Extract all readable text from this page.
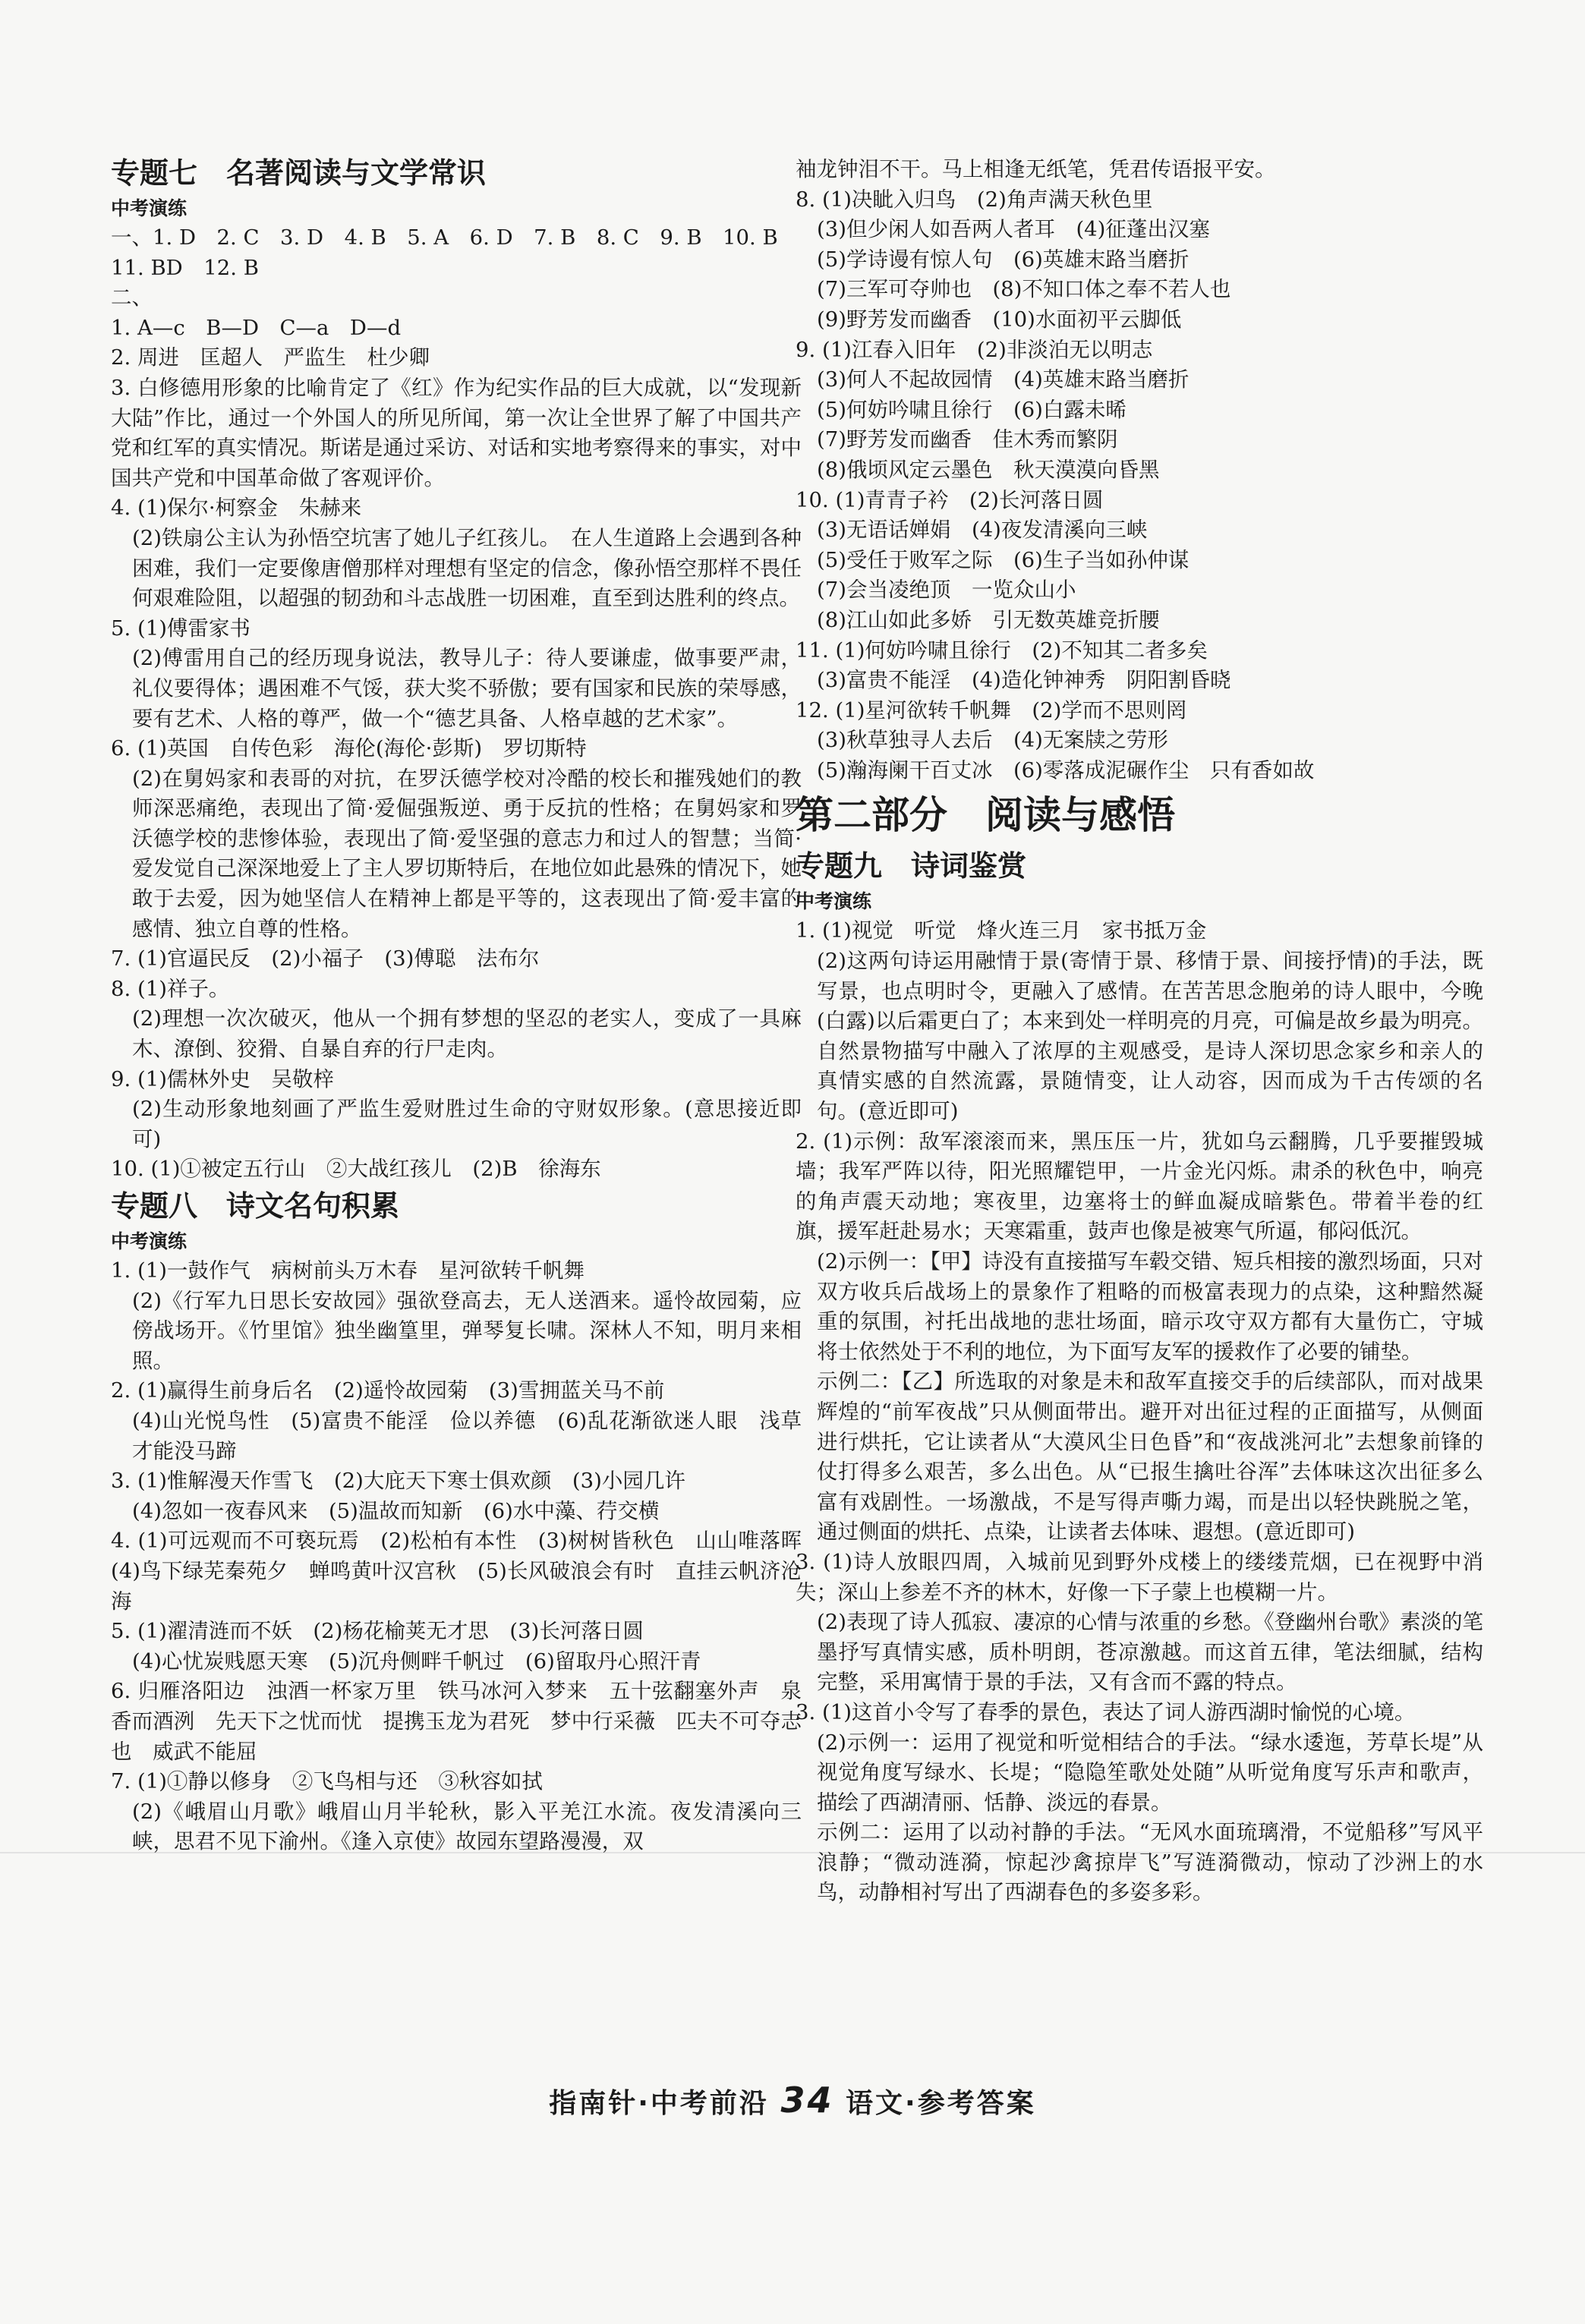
专题七　名著阅读与文学常识

中考演练

一、1. D　2. C　3. D　4. B　5. A　6. D　7. B　8. C　9. B　10. B

11. BD　12. B

二、

1. A—c　B—D　C—a　D—d

2. 周进　匡超人　严监生　杜少卿

3. 白修德用形象的比喻肯定了《红》作为纪实作品的巨大成就，以“发现新大陆”作比，通过一个外国人的所见所闻，第一次让全世界了解了中国共产党和红军的真实情况。斯诺是通过采访、对话和实地考察得来的事实，对中国共产党和中国革命做了客观评价。

4. (1)保尔·柯察金　朱赫来

(2)铁扇公主认为孙悟空坑害了她儿子红孩儿。　在人生道路上会遇到各种困难，我们一定要像唐僧那样对理想有坚定的信念，像孙悟空那样不畏任何艰难险阻，以超强的韧劲和斗志战胜一切困难，直至到达胜利的终点。

5. (1)傅雷家书

(2)傅雷用自己的经历现身说法，教导儿子：待人要谦虚，做事要严肃，礼仪要得体；遇困难不气馁，获大奖不骄傲；要有国家和民族的荣辱感，要有艺术、人格的尊严，做一个“德艺具备、人格卓越的艺术家”。

6. (1)英国　自传色彩　海伦(海伦·彭斯)　罗切斯特

(2)在舅妈家和表哥的对抗，在罗沃德学校对冷酷的校长和摧残她们的教师深恶痛绝，表现出了简·爱倔强叛逆、勇于反抗的性格；在舅妈家和罗沃德学校的悲惨体验，表现出了简·爱坚强的意志力和过人的智慧；当简·爱发觉自己深深地爱上了主人罗切斯特后，在地位如此悬殊的情况下，她敢于去爱，因为她坚信人在精神上都是平等的，这表现出了简·爱丰富的感情、独立自尊的性格。

7. (1)官逼民反　(2)小福子　(3)傅聪　法布尔

8. (1)祥子。

(2)理想一次次破灭，他从一个拥有梦想的坚忍的老实人，变成了一具麻木、潦倒、狡猾、自暴自弃的行尸走肉。

9. (1)儒林外史　吴敬梓

(2)生动形象地刻画了严监生爱财胜过生命的守财奴形象。(意思接近即可)

10. (1)①被定五行山　②大战红孩儿　(2)B　徐海东

专题八　诗文名句积累

中考演练

1. (1)一鼓作气　病树前头万木春　星河欲转千帆舞

(2)《行军九日思长安故园》强欲登高去，无人送酒来。遥怜故园菊，应傍战场开。《竹里馆》独坐幽篁里，弹琴复长啸。深林人不知，明月来相照。

2. (1)赢得生前身后名　(2)遥怜故园菊　(3)雪拥蓝关马不前

(4)山光悦鸟性　(5)富贵不能淫　俭以养德　(6)乱花渐欲迷人眼　浅草才能没马蹄

3. (1)惟解漫天作雪飞　(2)大庇天下寒士俱欢颜　(3)小园几许

(4)忽如一夜春风来　(5)温故而知新　(6)水中藻、荇交横

4. (1)可远观而不可亵玩焉　(2)松柏有本性　(3)树树皆秋色　山山唯落晖　(4)鸟下绿芜秦苑夕　蝉鸣黄叶汉宫秋　(5)长风破浪会有时　直挂云帆济沧海

5. (1)濯清涟而不妖　(2)杨花榆荚无才思　(3)长河落日圆

(4)心忧炭贱愿天寒　(5)沉舟侧畔千帆过　(6)留取丹心照汗青

6. 归雁洛阳边　浊酒一杯家万里　铁马冰河入梦来　五十弦翻塞外声　泉香而酒洌　先天下之忧而忧　提携玉龙为君死　梦中行采薇　匹夫不可夺志也　威武不能屈

7. (1)①静以修身　②飞鸟相与还　③秋容如拭

(2)《峨眉山月歌》峨眉山月半轮秋，影入平羌江水流。夜发清溪向三峡，思君不见下渝州。《逢入京使》故园东望路漫漫，双

袖龙钟泪不干。马上相逢无纸笔，凭君传语报平安。

8. (1)决眦入归鸟　(2)角声满天秋色里

(3)但少闲人如吾两人者耳　(4)征蓬出汉塞

(5)学诗谩有惊人句　(6)英雄末路当磨折

(7)三军可夺帅也　(8)不知口体之奉不若人也

(9)野芳发而幽香　(10)水面初平云脚低

9. (1)江春入旧年　(2)非淡泊无以明志

(3)何人不起故园情　(4)英雄末路当磨折

(5)何妨吟啸且徐行　(6)白露未晞

(7)野芳发而幽香　佳木秀而繁阴

(8)俄顷风定云墨色　秋天漠漠向昏黑

10. (1)青青子衿　(2)长河落日圆

(3)无语话婵娟　(4)夜发清溪向三峡

(5)受任于败军之际　(6)生子当如孙仲谋

(7)会当凌绝顶　一览众山小

(8)江山如此多娇　引无数英雄竞折腰

11. (1)何妨吟啸且徐行　(2)不知其二者多矣

(3)富贵不能淫　(4)造化钟神秀　阴阳割昏晓

12. (1)星河欲转千帆舞　(2)学而不思则罔

(3)秋草独寻人去后　(4)无案牍之劳形

(5)瀚海阑干百丈冰　(6)零落成泥碾作尘　只有香如故

第二部分　阅读与感悟

专题九　诗词鉴赏

中考演练

1. (1)视觉　听觉　烽火连三月　家书抵万金

(2)这两句诗运用融情于景(寄情于景、移情于景、间接抒情)的手法，既写景，也点明时令，更融入了感情。在苦苦思念胞弟的诗人眼中，今晚(白露)以后霜更白了；本来到处一样明亮的月亮，可偏是故乡最为明亮。自然景物描写中融入了浓厚的主观感受，是诗人深切思念家乡和亲人的真情实感的自然流露，景随情变，让人动容，因而成为千古传颂的名句。(意近即可)

2. (1)示例：敌军滚滚而来，黑压压一片，犹如乌云翻腾，几乎要摧毁城墙；我军严阵以待，阳光照耀铠甲，一片金光闪烁。肃杀的秋色中，响亮的角声震天动地；寒夜里，边塞将士的鲜血凝成暗紫色。带着半卷的红旗，援军赶赴易水；天寒霜重，鼓声也像是被寒气所逼，郁闷低沉。

(2)示例一：【甲】诗没有直接描写车毂交错、短兵相接的激烈场面，只对双方收兵后战场上的景象作了粗略的而极富表现力的点染，这种黯然凝重的氛围，衬托出战地的悲壮场面，暗示攻守双方都有大量伤亡，守城将士依然处于不利的地位，为下面写友军的援救作了必要的铺垫。

示例二：【乙】所选取的对象是未和敌军直接交手的后续部队，而对战果辉煌的“前军夜战”只从侧面带出。避开对出征过程的正面描写，从侧面进行烘托，它让读者从“大漠风尘日色昏”和“夜战洮河北”去想象前锋的仗打得多么艰苦，多么出色。从“已报生擒吐谷浑”去体味这次出征多么富有戏剧性。一场激战，不是写得声嘶力竭，而是出以轻快跳脱之笔，通过侧面的烘托、点染，让读者去体味、遐想。(意近即可)

3. (1)诗人放眼四周，入城前见到野外戍楼上的缕缕荒烟，已在视野中消失；深山上参差不齐的林木，好像一下子蒙上也模糊一片。

(2)表现了诗人孤寂、凄凉的心情与浓重的乡愁。《登幽州台歌》素淡的笔墨抒写真情实感，质朴明朗，苍凉激越。而这首五律，笔法细腻，结构完整，采用寓情于景的手法，又有含而不露的特点。

3. (1)这首小令写了春季的景色，表达了词人游西湖时愉悦的心境。

(2)示例一：运用了视觉和听觉相结合的手法。“绿水逶迤，芳草长堤”从视觉角度写绿水、长堤；“隐隐笙歌处处随”从听觉角度写乐声和歌声，描绘了西湖清丽、恬静、淡远的春景。

示例二：运用了以动衬静的手法。“无风水面琉璃滑，不觉船移”写风平浪静；“微动涟漪，惊起沙禽掠岸飞”写涟漪微动，惊动了沙洲上的水鸟，动静相衬写出了西湖春色的多姿多彩。

指南针·中考前沿 34 语文·参考答案
